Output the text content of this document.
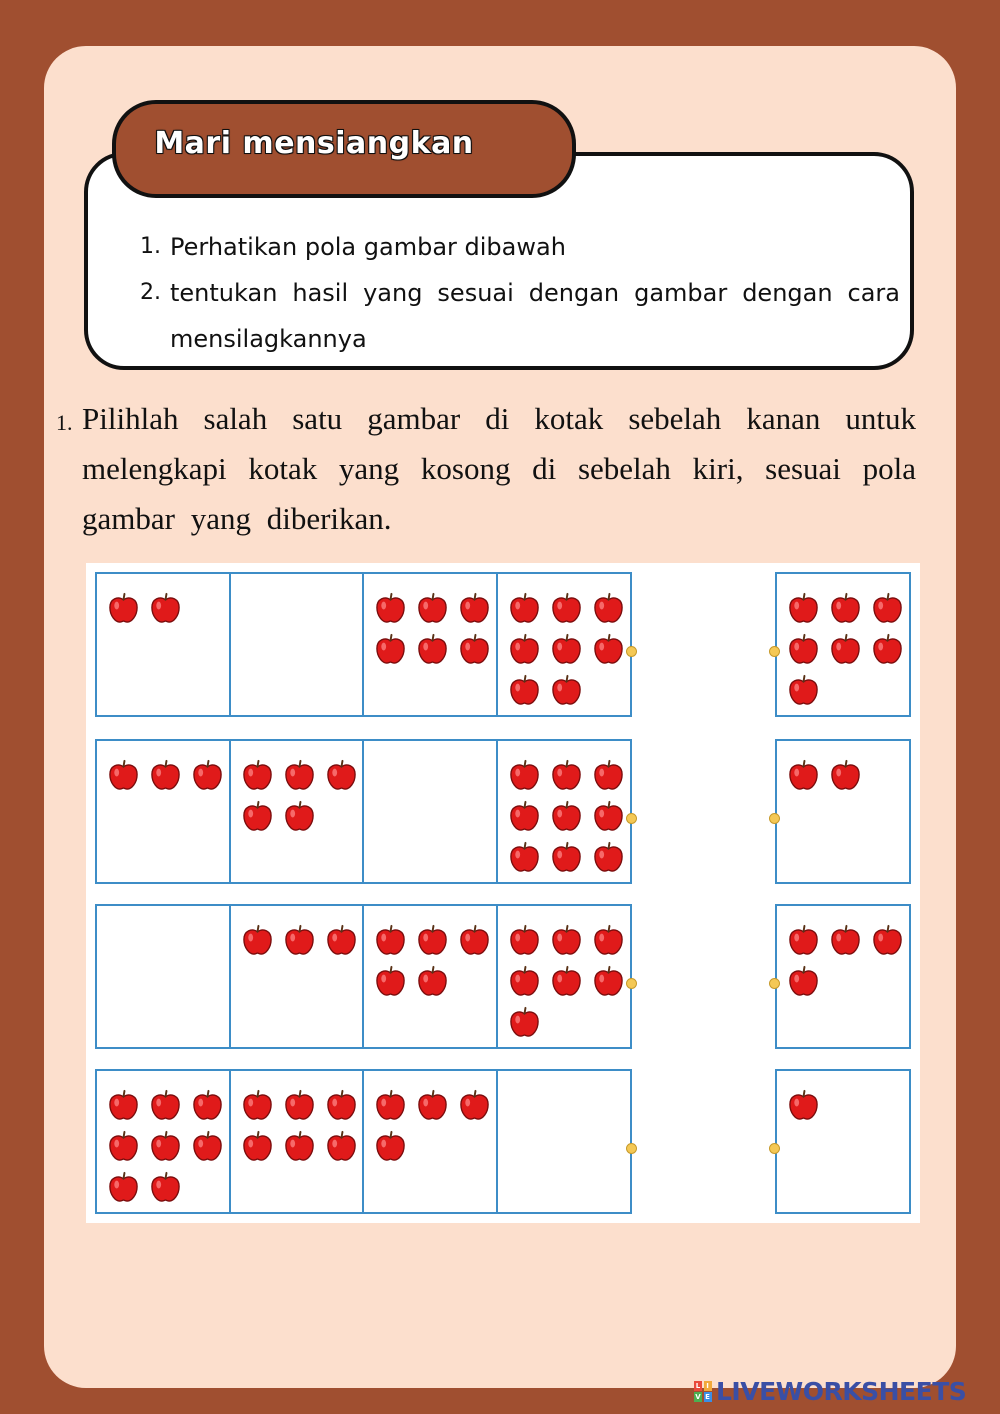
Mari mensiangkan
1. Perhatikan pola gambar dibawah
2. tentukan hasil yang sesuai dengan gambar dengan cara mensilagkannya
1. Pilihlah salah satu gambar di kotak sebelah kanan untuk melengkapi kotak yang kosong di sebelah kiri, sesuai pola gambar yang diberikan.
L I
V E LIVEWORKSHEETS
